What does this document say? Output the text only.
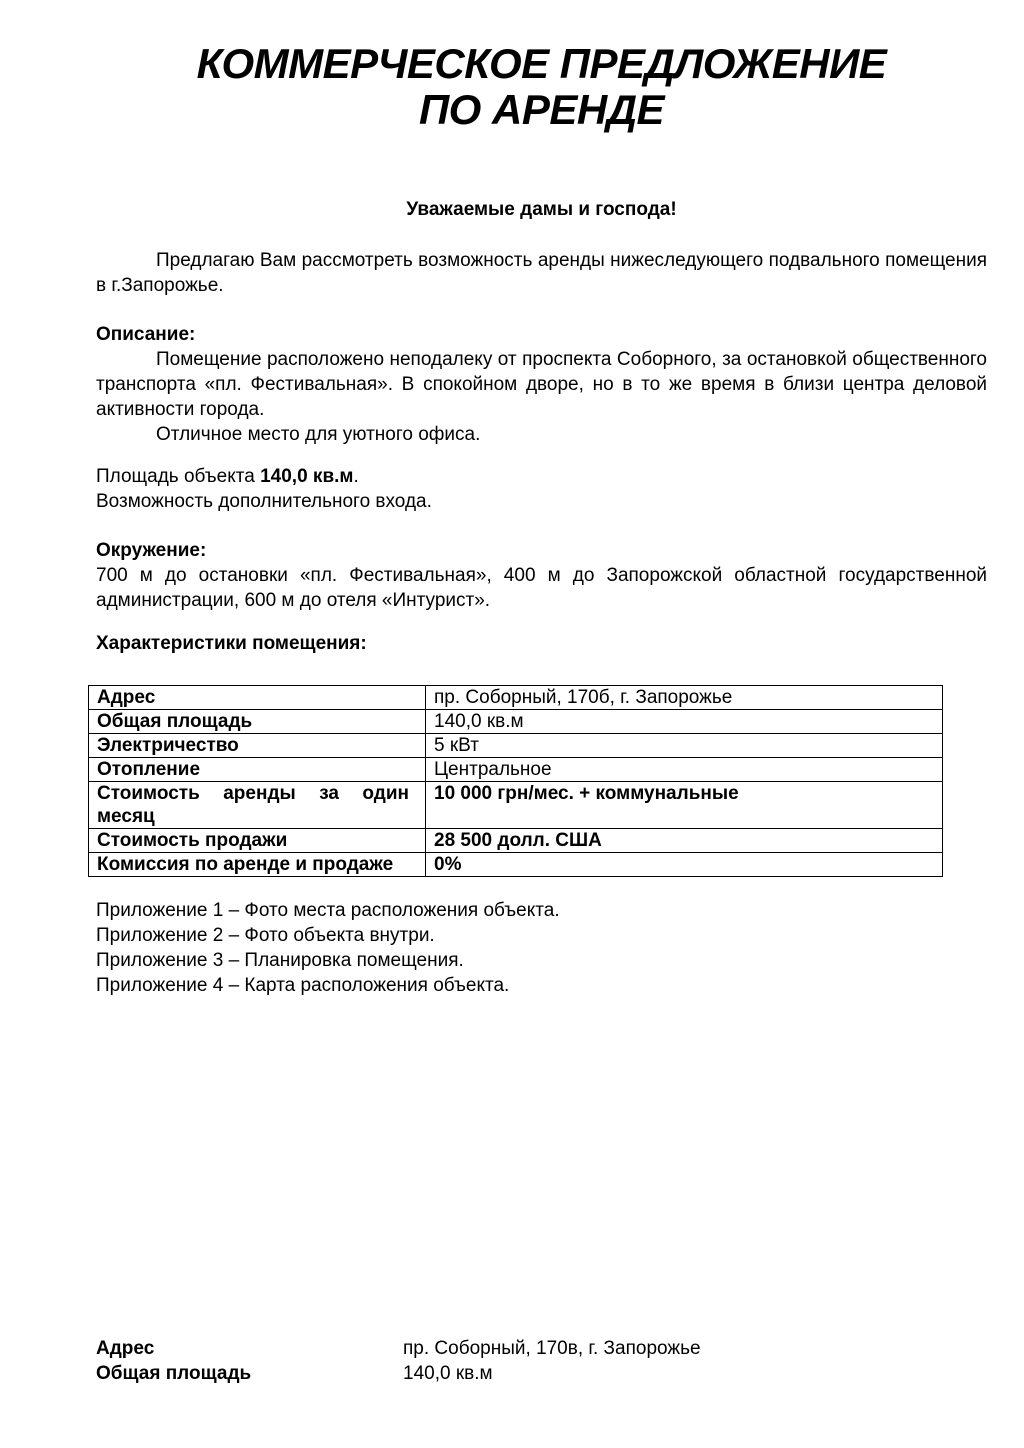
КОММЕРЧЕСКОЕ ПРЕДЛОЖЕНИЕ
ПО АРЕНДЕ
Уважаемые дамы и господа!
Предлагаю Вам рассмотреть возможность аренды нижеследующего подвального помещения в г.Запорожье.
Описание:
Помещение расположено неподалеку от проспекта Соборного, за остановкой общественного транспорта «пл. Фестивальная». В спокойном дворе, но в то же время в близи центра деловой активности города.
Отличное место для уютного офиса.
Площадь объекта 140,0 кв.м.
Возможность дополнительного входа.
Окружение:
700 м до остановки «пл. Фестивальная», 400 м до Запорожской областной государственной администрации, 600 м до отеля «Интурист».
Характеристики помещения:
Адрес	пр. Соборный, 170б, г. Запорожье
Общая площадь	140,0 кв.м
Электричество	5 кВт
Отопление	Центральное
Стоимость аренды за один месяц	10 000 грн/мес. + коммунальные
Стоимость продажи	28 500 долл. США
Комиссия по аренде и продаже	0%
Приложение 1 – Фото места расположения объекта.
Приложение 2 – Фото объекта внутри.
Приложение 3 – Планировка помещения.
Приложение 4 – Карта расположения объекта.
Адрес	пр. Соборный, 170в, г. Запорожье
Общая площадь	140,0 кв.м
